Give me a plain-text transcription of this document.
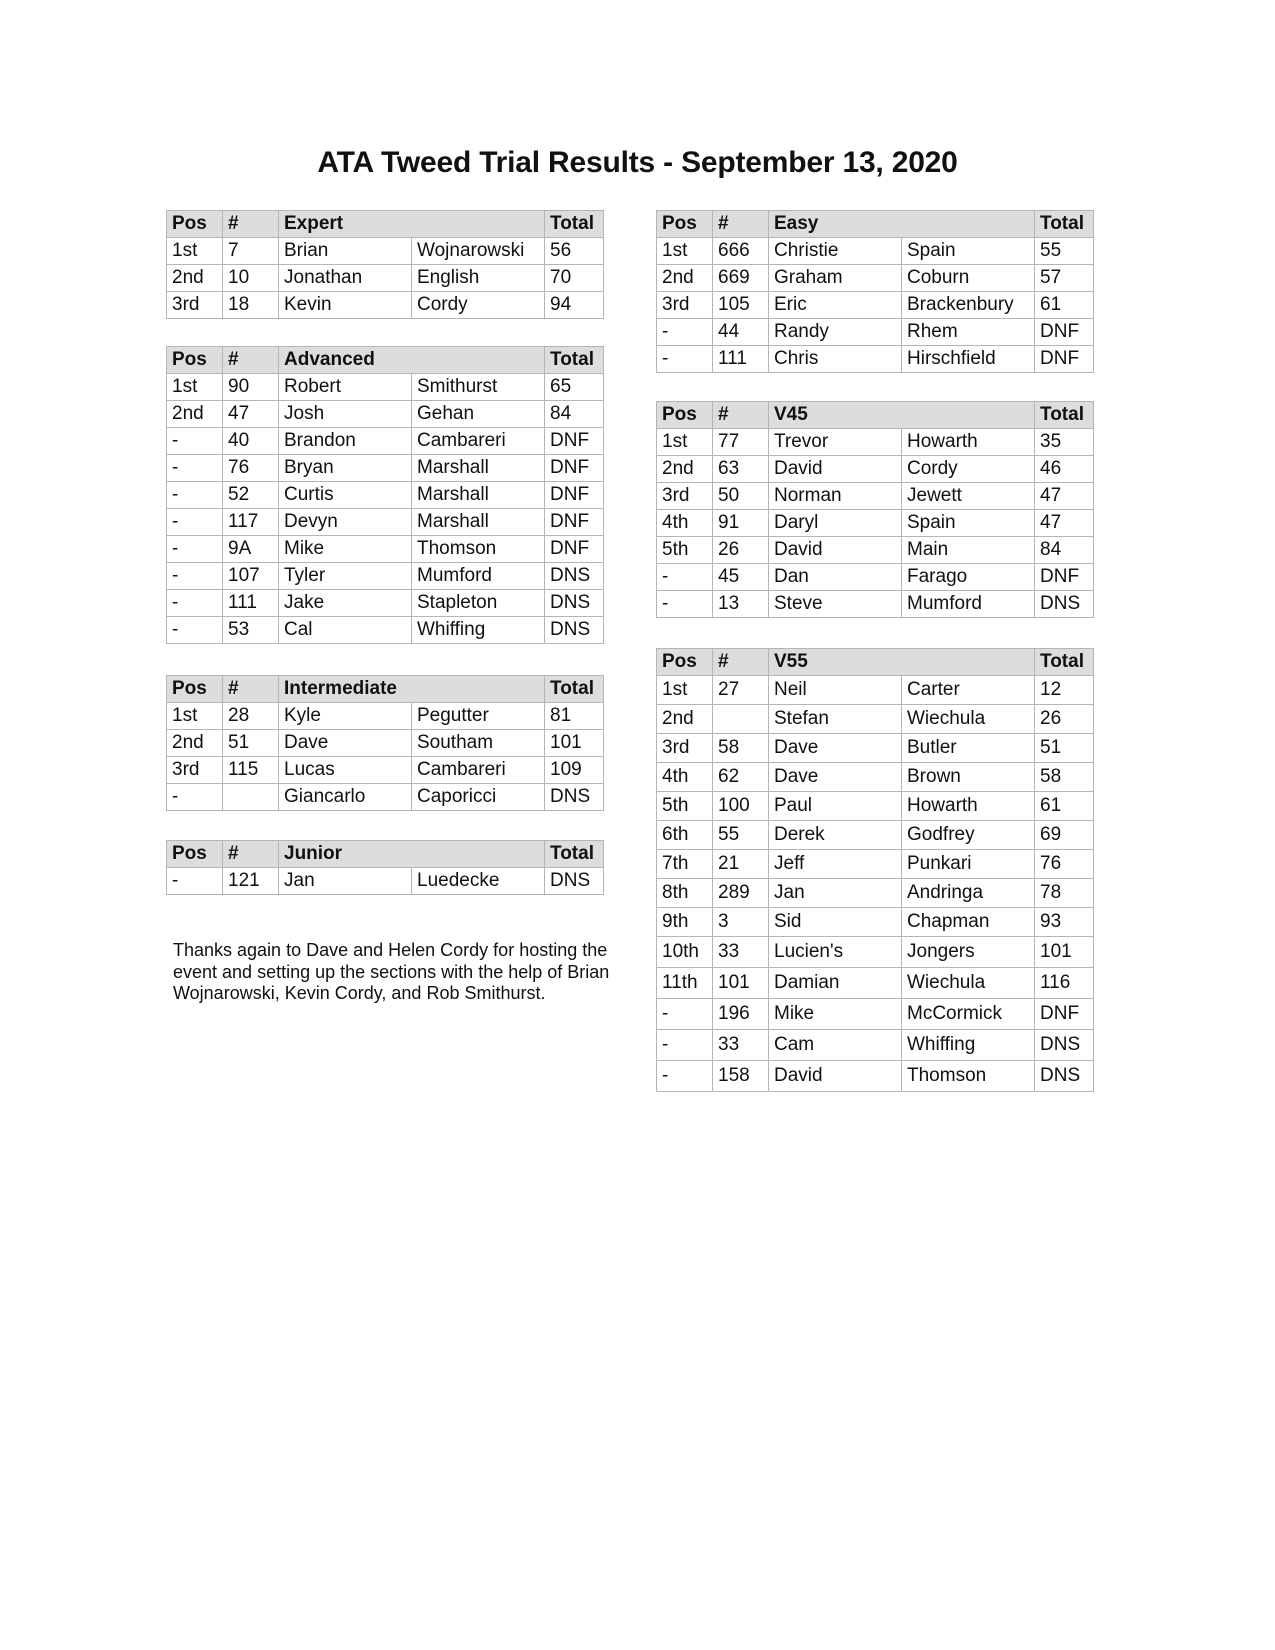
ATA Tweed Trial Results - September 13, 2020
Pos	#	Expert		Total
1st	7	Brian	Wojnarowski	56
2nd	10	Jonathan	English	70
3rd	18	Kevin	Cordy	94
Pos	#	Advanced		Total
1st	90	Robert	Smithurst	65
2nd	47	Josh	Gehan	84
-	40	Brandon	Cambareri	DNF
-	76	Bryan	Marshall	DNF
-	52	Curtis	Marshall	DNF
-	117	Devyn	Marshall	DNF
-	9A	Mike	Thomson	DNF
-	107	Tyler	Mumford	DNS
-	111	Jake	Stapleton	DNS
-	53	Cal	Whiffing	DNS
Pos	#	Intermediate		Total
1st	28	Kyle	Pegutter	81
2nd	51	Dave	Southam	101
3rd	115	Lucas	Cambareri	109
-		Giancarlo	Caporicci	DNS
Pos	#	Junior		Total
-	121	Jan	Luedecke	DNS
Thanks again to Dave and Helen Cordy for hosting the event and setting up the sections with the help of Brian Wojnarowski, Kevin Cordy, and Rob Smithurst.
Pos	#	Easy		Total
1st	666	Christie	Spain	55
2nd	669	Graham	Coburn	57
3rd	105	Eric	Brackenbury	61
-	44	Randy	Rhem	DNF
-	111	Chris	Hirschfield	DNF
Pos	#	V45		Total
1st	77	Trevor	Howarth	35
2nd	63	David	Cordy	46
3rd	50	Norman	Jewett	47
4th	91	Daryl	Spain	47
5th	26	David	Main	84
-	45	Dan	Farago	DNF
-	13	Steve	Mumford	DNS
Pos	#	V55		Total
1st	27	Neil	Carter	12
2nd		Stefan	Wiechula	26
3rd	58	Dave	Butler	51
4th	62	Dave	Brown	58
5th	100	Paul	Howarth	61
6th	55	Derek	Godfrey	69
7th	21	Jeff	Punkari	76
8th	289	Jan	Andringa	78
9th	3	Sid	Chapman	93
10th	33	Lucien's	Jongers	101
11th	101	Damian	Wiechula	116
-	196	Mike	McCormick	DNF
-	33	Cam	Whiffing	DNS
-	158	David	Thomson	DNS
